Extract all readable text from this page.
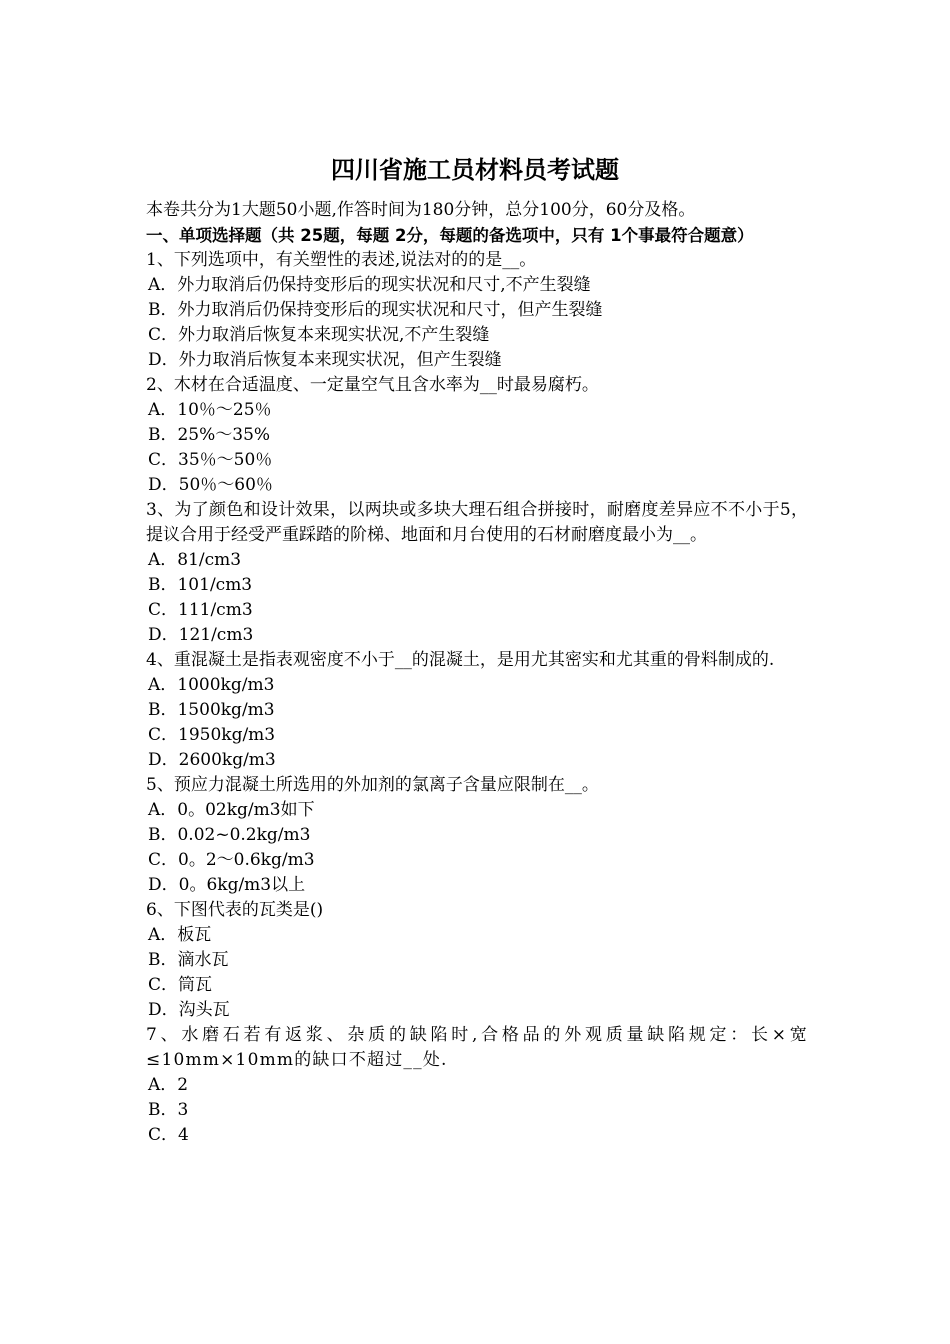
四川省施工员材料员考试题

本卷共分为1大题50小题,作答时间为180分钟，总分100分，60分及格。

一、单项选择题（共 25题，每题 2分，每题的备选项中，只有 1个事最符合题意）

1、下列选项中，有关塑性的表述,说法对的的是__。

A．外力取消后仍保持变形后的现实状况和尺寸,不产生裂缝

B．外力取消后仍保持变形后的现实状况和尺寸，但产生裂缝

C．外力取消后恢复本来现实状况,不产生裂缝

D．外力取消后恢复本来现实状况，但产生裂缝

2、木材在合适温度、一定量空气且含水率为__时最易腐朽。

A．10％～25％

B．25%～35%

C．35％～50％

D．50％～60％

3、为了颜色和设计效果，以两块或多块大理石组合拼接时，耐磨度差异应不不小于5，提议合用于经受严重踩踏的阶梯、地面和月台使用的石材耐磨度最小为__。

A．81/cm3

B．101/cm3

C．111/cm3

D．121/cm3

4、重混凝土是指表观密度不小于__的混凝土，是用尤其密实和尤其重的骨料制成的.

A．1000kg/m3

B．1500kg/m3

C．1950kg/m3

D．2600kg/m3

5、预应力混凝土所选用的外加剂的氯离子含量应限制在__。

A．0。02kg/m3如下

B．0.02~0.2kg/m3

C．0。2～0.6kg/m3

D．0。6kg/m3以上

6、下图代表的瓦类是()

A．板瓦

B．滴水瓦

C．筒瓦

D．沟头瓦

7、水磨石若有返浆、杂质的缺陷时,合格品的外观质量缺陷规定：长×宽≤10mm×10mm的缺口不超过__处.

A．2

B．3

C．4
